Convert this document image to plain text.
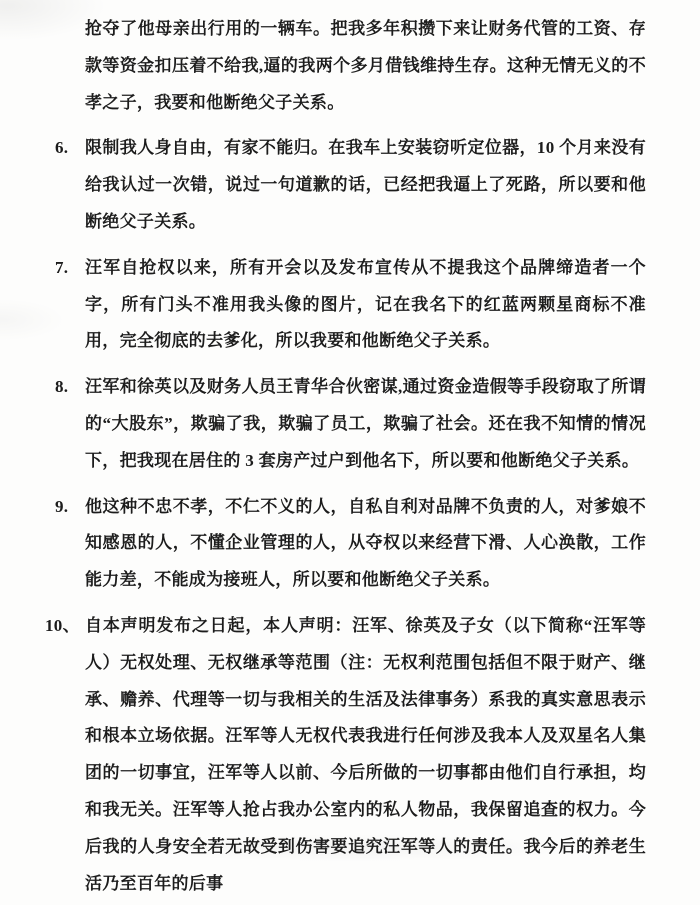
抢夺了他母亲出行用的一辆车。把我多年积攒下来让财务代管的工资、存款等资金扣压着不给我,逼的我两个多月借钱维持生存。这种无情无义的不孝之子，我要和他断绝父子关系。

6. 限制我人身自由，有家不能归。在我车上安装窃听定位器，10 个月来没有给我认过一次错，说过一句道歉的话，已经把我逼上了死路，所以要和他断绝父子关系。
7. 汪军自抢权以来，所有开会以及发布宣传从不提我这个品牌缔造者一个字，所有门头不准用我头像的图片，记在我名下的红蓝两颗星商标不准用，完全彻底的去爹化，所以我要和他断绝父子关系。
8. 汪军和徐英以及财务人员王青华合伙密谋,通过资金造假等手段窃取了所谓的“大股东”，欺骗了我，欺骗了员工，欺骗了社会。还在我不知情的情况下，把我现在居住的 3 套房产过户到他名下，所以要和他断绝父子关系。
9. 他这种不忠不孝，不仁不义的人，自私自利对品牌不负责的人，对爹娘不知感恩的人，不懂企业管理的人，从夺权以来经营下滑、人心涣散，工作能力差，不能成为接班人，所以要和他断绝父子关系。
10、 自本声明发布之日起，本人声明：汪军、徐英及子女（以下简称“汪军等人）无权处理、无权继承等范围（注：无权利范围包括但不限于财产、继承、赡养、代理等一切与我相关的生活及法律事务）系我的真实意思表示和根本立场依据。汪军等人无权代表我进行任何涉及我本人及双星名人集团的一切事宜，汪军等人以前、今后所做的一切事都由他们自行承担，均和我无关。汪军等人抢占我办公室内的私人物品，我保留追查的权力。今后我的人身安全若无故受到伤害要追究汪军等人的责任。我今后的养老生活乃至百年的后事
